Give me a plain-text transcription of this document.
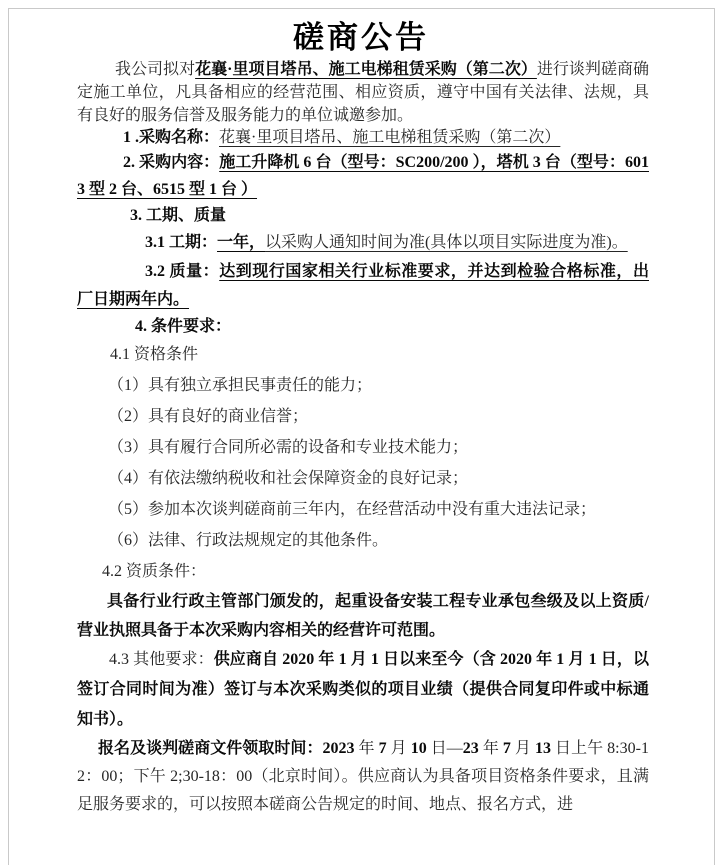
磋商公告

我公司拟对花襄·里项目塔吊、施工电梯租赁采购（第二次）进行谈判磋商确定施工单位，凡具备相应的经营范围、相应资质，遵守中国有关法律、法规，具有良好的服务信誉及服务能力的单位诚邀参加。

1 .采购名称：花襄·里项目塔吊、施工电梯租赁采购（第二次）

2. 采购内容：施工升降机 6 台（型号：SC200/200 ），塔机 3 台（型号：6013 型 2 台、6515 型 1 台 ）

3. 工期、质量

3.1 工期：一年，以采购人通知时间为准(具体以项目实际进度为准)。

3.2 质量：达到现行国家相关行业标准要求，并达到检验合格标准，出厂日期两年内。

4. 条件要求：

4.1 资格条件

（1）具有独立承担民事责任的能力；

（2）具有良好的商业信誉；

（3）具有履行合同所必需的设备和专业技术能力；

（4）有依法缴纳税收和社会保障资金的良好记录；

（5）参加本次谈判磋商前三年内，在经营活动中没有重大违法记录；

（6）法律、行政法规规定的其他条件。

4.2 资质条件：

具备行业行政主管部门颁发的，起重设备安装工程专业承包叁级及以上资质/营业执照具备于本次采购内容相关的经营许可范围。

4.3 其他要求：供应商自 2020 年 1 月 1 日以来至今（含 2020 年 1 月 1 日，以签订合同时间为准）签订与本次采购类似的项目业绩（提供合同复印件或中标通知书）。

报名及谈判磋商文件领取时间：2023 年 7 月 10 日—23 年 7 月 13 日上午 8:30-12：00；下午 2;30-18：00（北京时间）。供应商认为具备项目资格条件要求，且满足服务要求的，可以按照本磋商公告规定的时间、地点、报名方式，进
